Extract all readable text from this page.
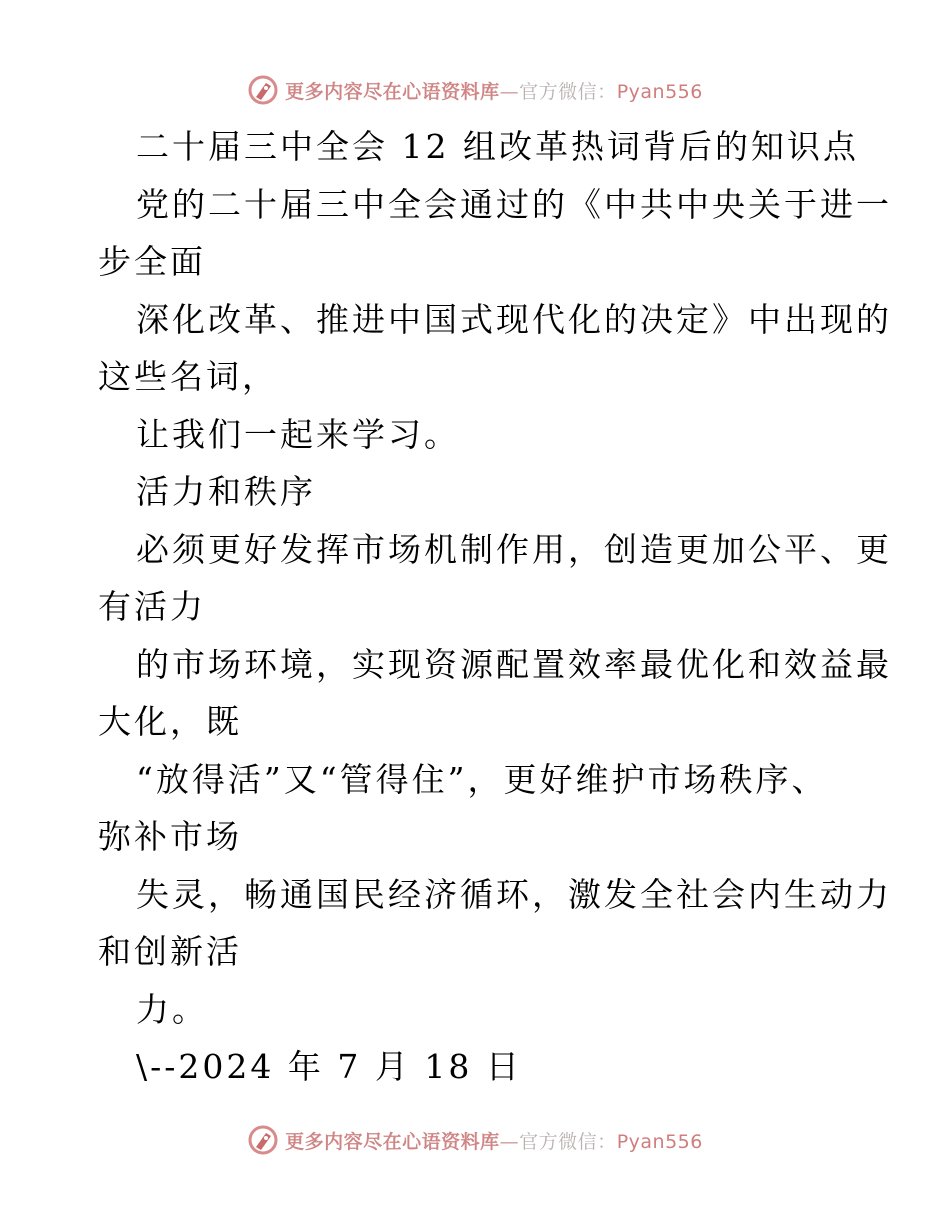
更多内容尽在心语资料库—官方微信：Pyan556
二十届三中全会 12 组改革热词背后的知识点
党的二十届三中全会通过的《中共中央关于进一
步全面
深化改革、推进中国式现代化的决定》中出现的
这些名词，
让我们一起来学习。
活力和秩序
必须更好发挥市场机制作用，创造更加公平、更
有活力
的市场环境，实现资源配置效率最优化和效益最
大化，既
“放得活”又“管得住”，更好维护市场秩序、
弥补市场
失灵，畅通国民经济循环，激发全社会内生动力
和创新活
力。
\--2024 年 7 月 18 日
更多内容尽在心语资料库—官方微信：Pyan556
